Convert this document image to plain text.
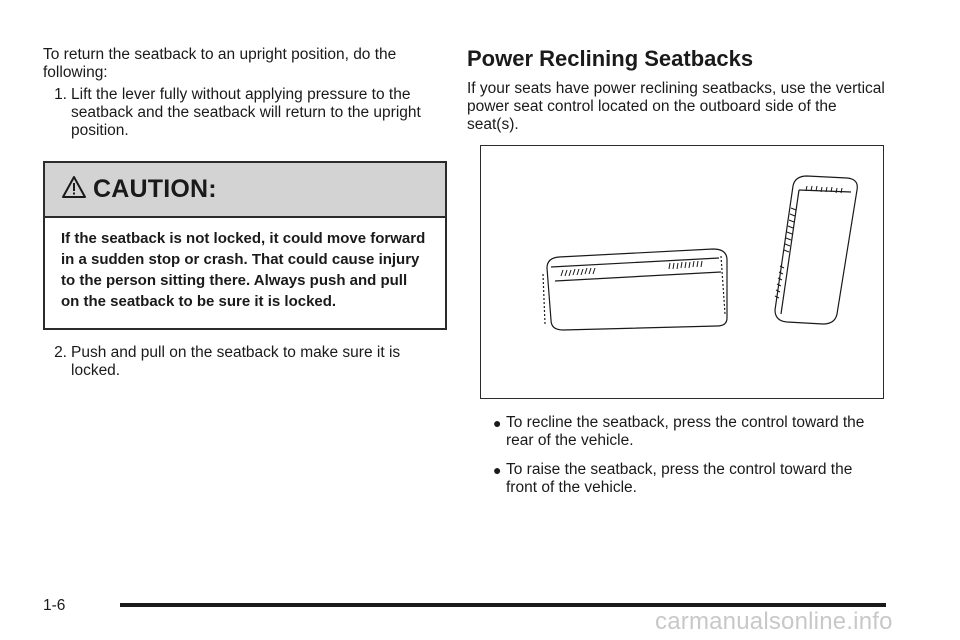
To return the seatback to an upright position, do the following:

1. Lift the lever fully without applying pressure to the seatback and the seatback will return to the upright position.
CAUTION:
If the seatback is not locked, it could move forward in a sudden stop or crash. That could cause injury to the person sitting there. Always push and pull on the seatback to be sure it is locked.
2. Push and pull on the seatback to make sure it is locked.
Power Reclining Seatbacks

If your seats have power reclining seatbacks, use the vertical power seat control located on the outboard side of the seat(s).

● To recline the seatback, press the control toward the rear of the vehicle.
● To raise the seatback, press the control toward the front of the vehicle.
1-6
carmanualsonline.info
